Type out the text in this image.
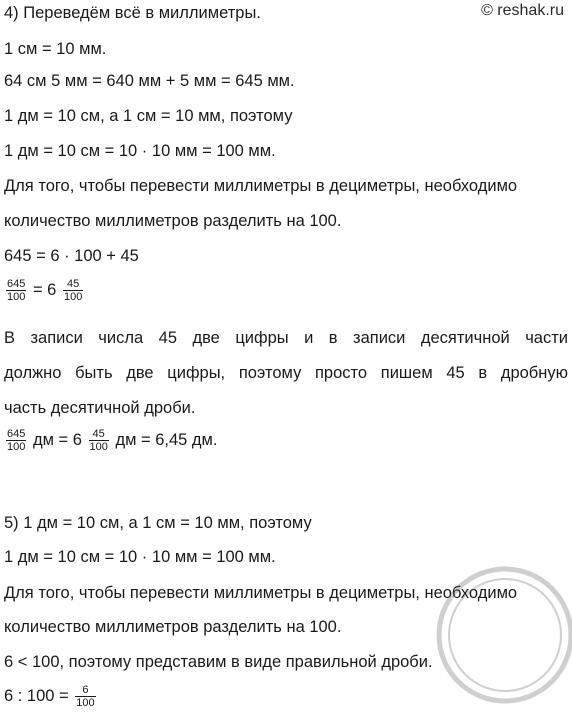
© reshak.ru
4) Переведём всё в миллиметры.
1 см = 10 мм.
64 см 5 мм = 640 мм + 5 мм = 645 мм.
1 дм = 10 см, а 1 см = 10 мм, поэтому
1 дм = 10 см = 10 · 10 мм = 100 мм.
Для того, чтобы перевести миллиметры в дециметры, необходимо
количество миллиметров разделить на 100.
645 = 6 · 100 + 45
$\frac{645}{100} = 6 \frac{45}{100}$
В записи числа 45 две цифры и в записи десятичной части
должно быть две цифры, поэтому просто пишем 45 в дробную
часть десятичной дроби.
$\frac{645}{100}$ дм = $6 \frac{45}{100}$ дм = 6,45 дм.
5) 1 дм = 10 см, а 1 см = 10 мм, поэтому
1 дм = 10 см = 10 · 10 мм = 100 мм.
Для того, чтобы перевести миллиметры в дециметры, необходимо
количество миллиметров разделить на 100.
6 < 100, поэтому представим в виде правильной дроби.
6 : $100 = \frac{6}{100}$
